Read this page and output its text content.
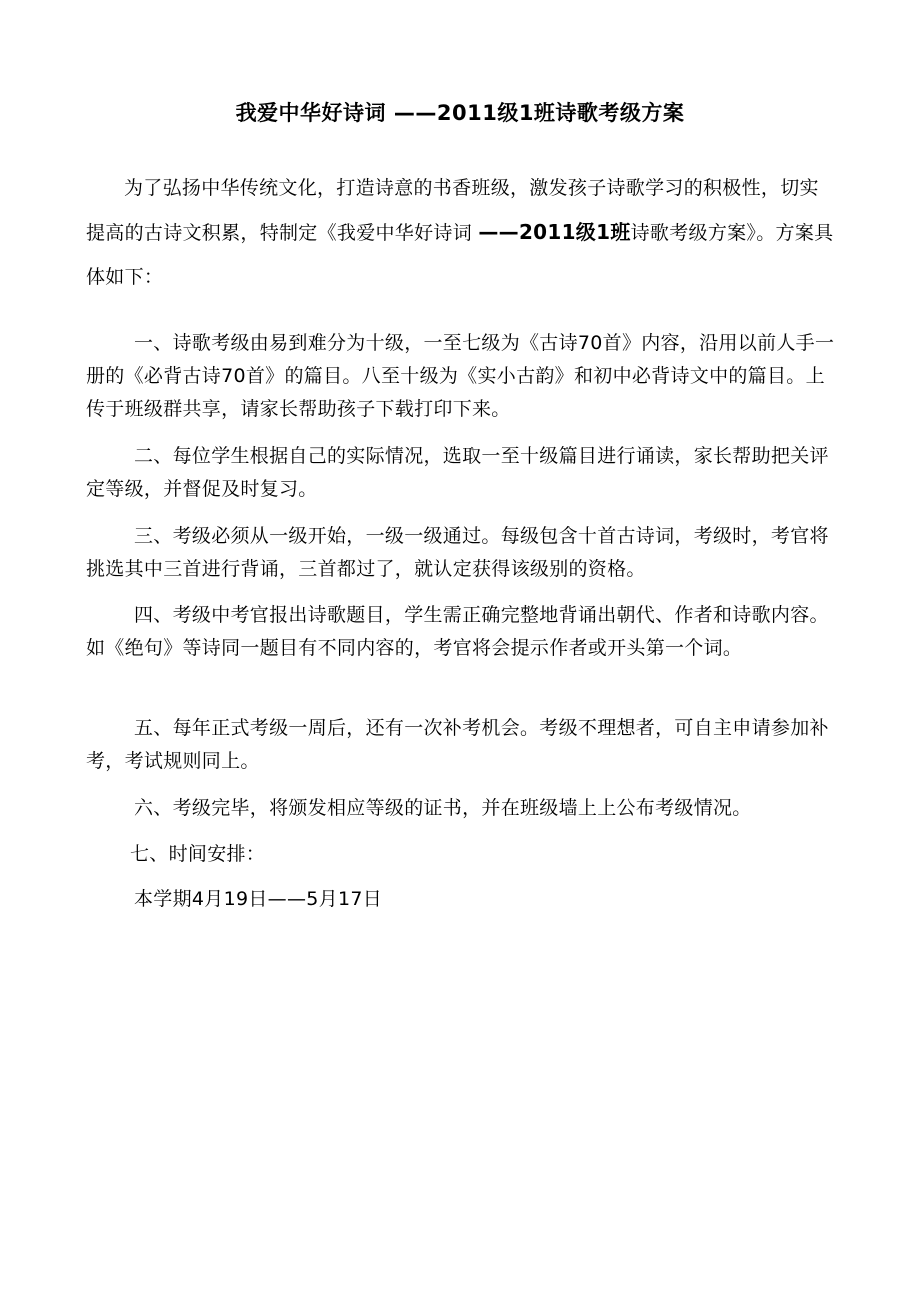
我爱中华好诗词 ——2011级1班诗歌考级方案
为了弘扬中华传统文化，打造诗意的书香班级，激发孩子诗歌学习的积极性，切实提高的古诗文积累，特制定《我爱中华好诗词 ——2011级1班诗歌考级方案》。方案具体如下：
一、诗歌考级由易到难分为十级，一至七级为《古诗70首》内容，沿用以前人手一册的《必背古诗70首》的篇目。八至十级为《实小古韵》和初中必背诗文中的篇目。上传于班级群共享，请家长帮助孩子下载打印下来。
二、每位学生根据自己的实际情况，选取一至十级篇目进行诵读，家长帮助把关评定等级，并督促及时复习。
三、考级必须从一级开始，一级一级通过。每级包含十首古诗词，考级时，考官将挑选其中三首进行背诵，三首都过了，就认定获得该级别的资格。
四、考级中考官报出诗歌题目，学生需正确完整地背诵出朝代、作者和诗歌内容。如《绝句》等诗同一题目有不同内容的，考官将会提示作者或开头第一个词。
五、每年正式考级一周后，还有一次补考机会。考级不理想者，可自主申请参加补考，考试规则同上。
六、考级完毕，将颁发相应等级的证书，并在班级墙上上公布考级情况。
七、时间安排：
本学期4月19日——5月17日
